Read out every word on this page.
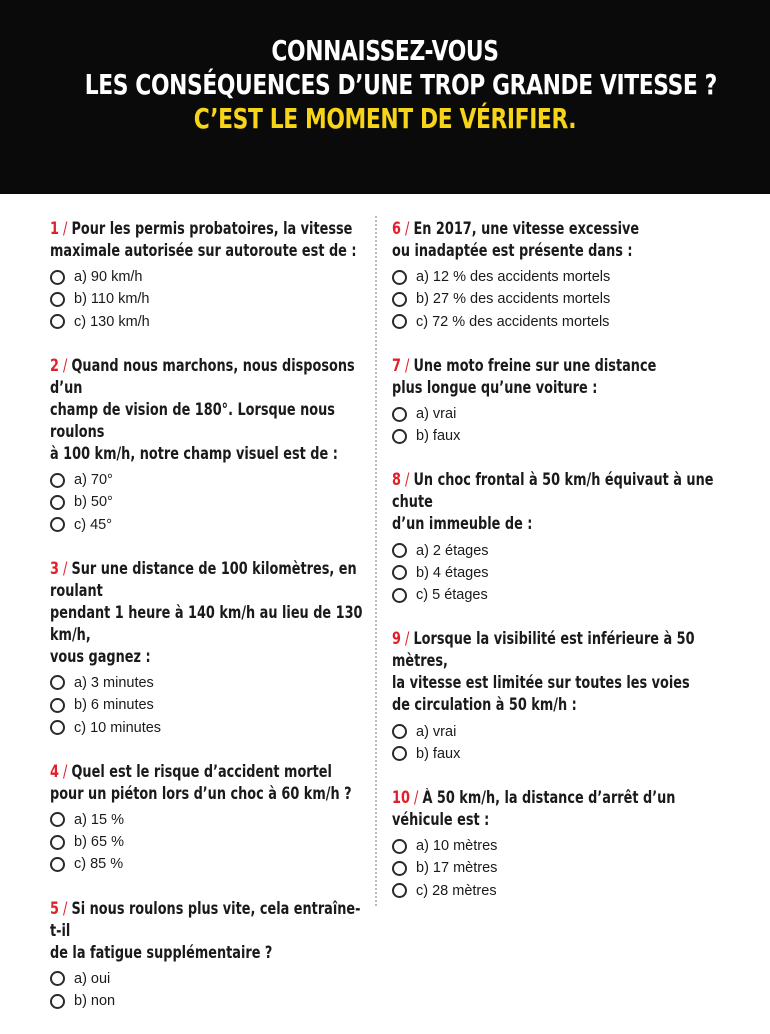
CONNAISSEZ-VOUS
LES CONSÉQUENCES D’UNE TROP GRANDE VITESSE ?
C’EST LE MOMENT DE VÉRIFIER.
1 / Pour les permis probatoires, la vitesse
maximale autorisée sur autoroute est de :
a) 90 km/h
b) 110 km/h
c) 130 km/h
2 / Quand nous marchons, nous disposons d’un
champ de vision de 180°. Lorsque nous roulons
à 100 km/h, notre champ visuel est de :
a) 70°
b) 50°
c) 45°
3 / Sur une distance de 100 kilomètres, en roulant
pendant 1 heure à 140 km/h au lieu de 130 km/h,
vous gagnez :
a) 3 minutes
b) 6 minutes
c) 10 minutes
4 / Quel est le risque d’accident mortel
pour un piéton lors d’un choc à 60 km/h ?
a) 15 %
b) 65 %
c) 85 %
5 / Si nous roulons plus vite, cela entraîne-t-il
de la fatigue supplémentaire ?
a) oui
b) non
6 / En 2017, une vitesse excessive
ou inadaptée est présente dans :
a) 12 % des accidents mortels
b) 27 % des accidents mortels
c) 72 % des accidents mortels
7 / Une moto freine sur une distance
plus longue qu’une voiture :
a) vrai
b) faux
8 / Un choc frontal à 50 km/h équivaut à une chute
d’un immeuble de :
a) 2 étages
b) 4 étages
c) 5 étages
9 / Lorsque la visibilité est inférieure à 50 mètres,
la vitesse est limitée sur toutes les voies
de circulation à 50 km/h :
a) vrai
b) faux
10 / À 50 km/h, la distance d’arrêt d’un véhicule est :
a) 10 mètres
b) 17 mètres
c) 28 mètres
